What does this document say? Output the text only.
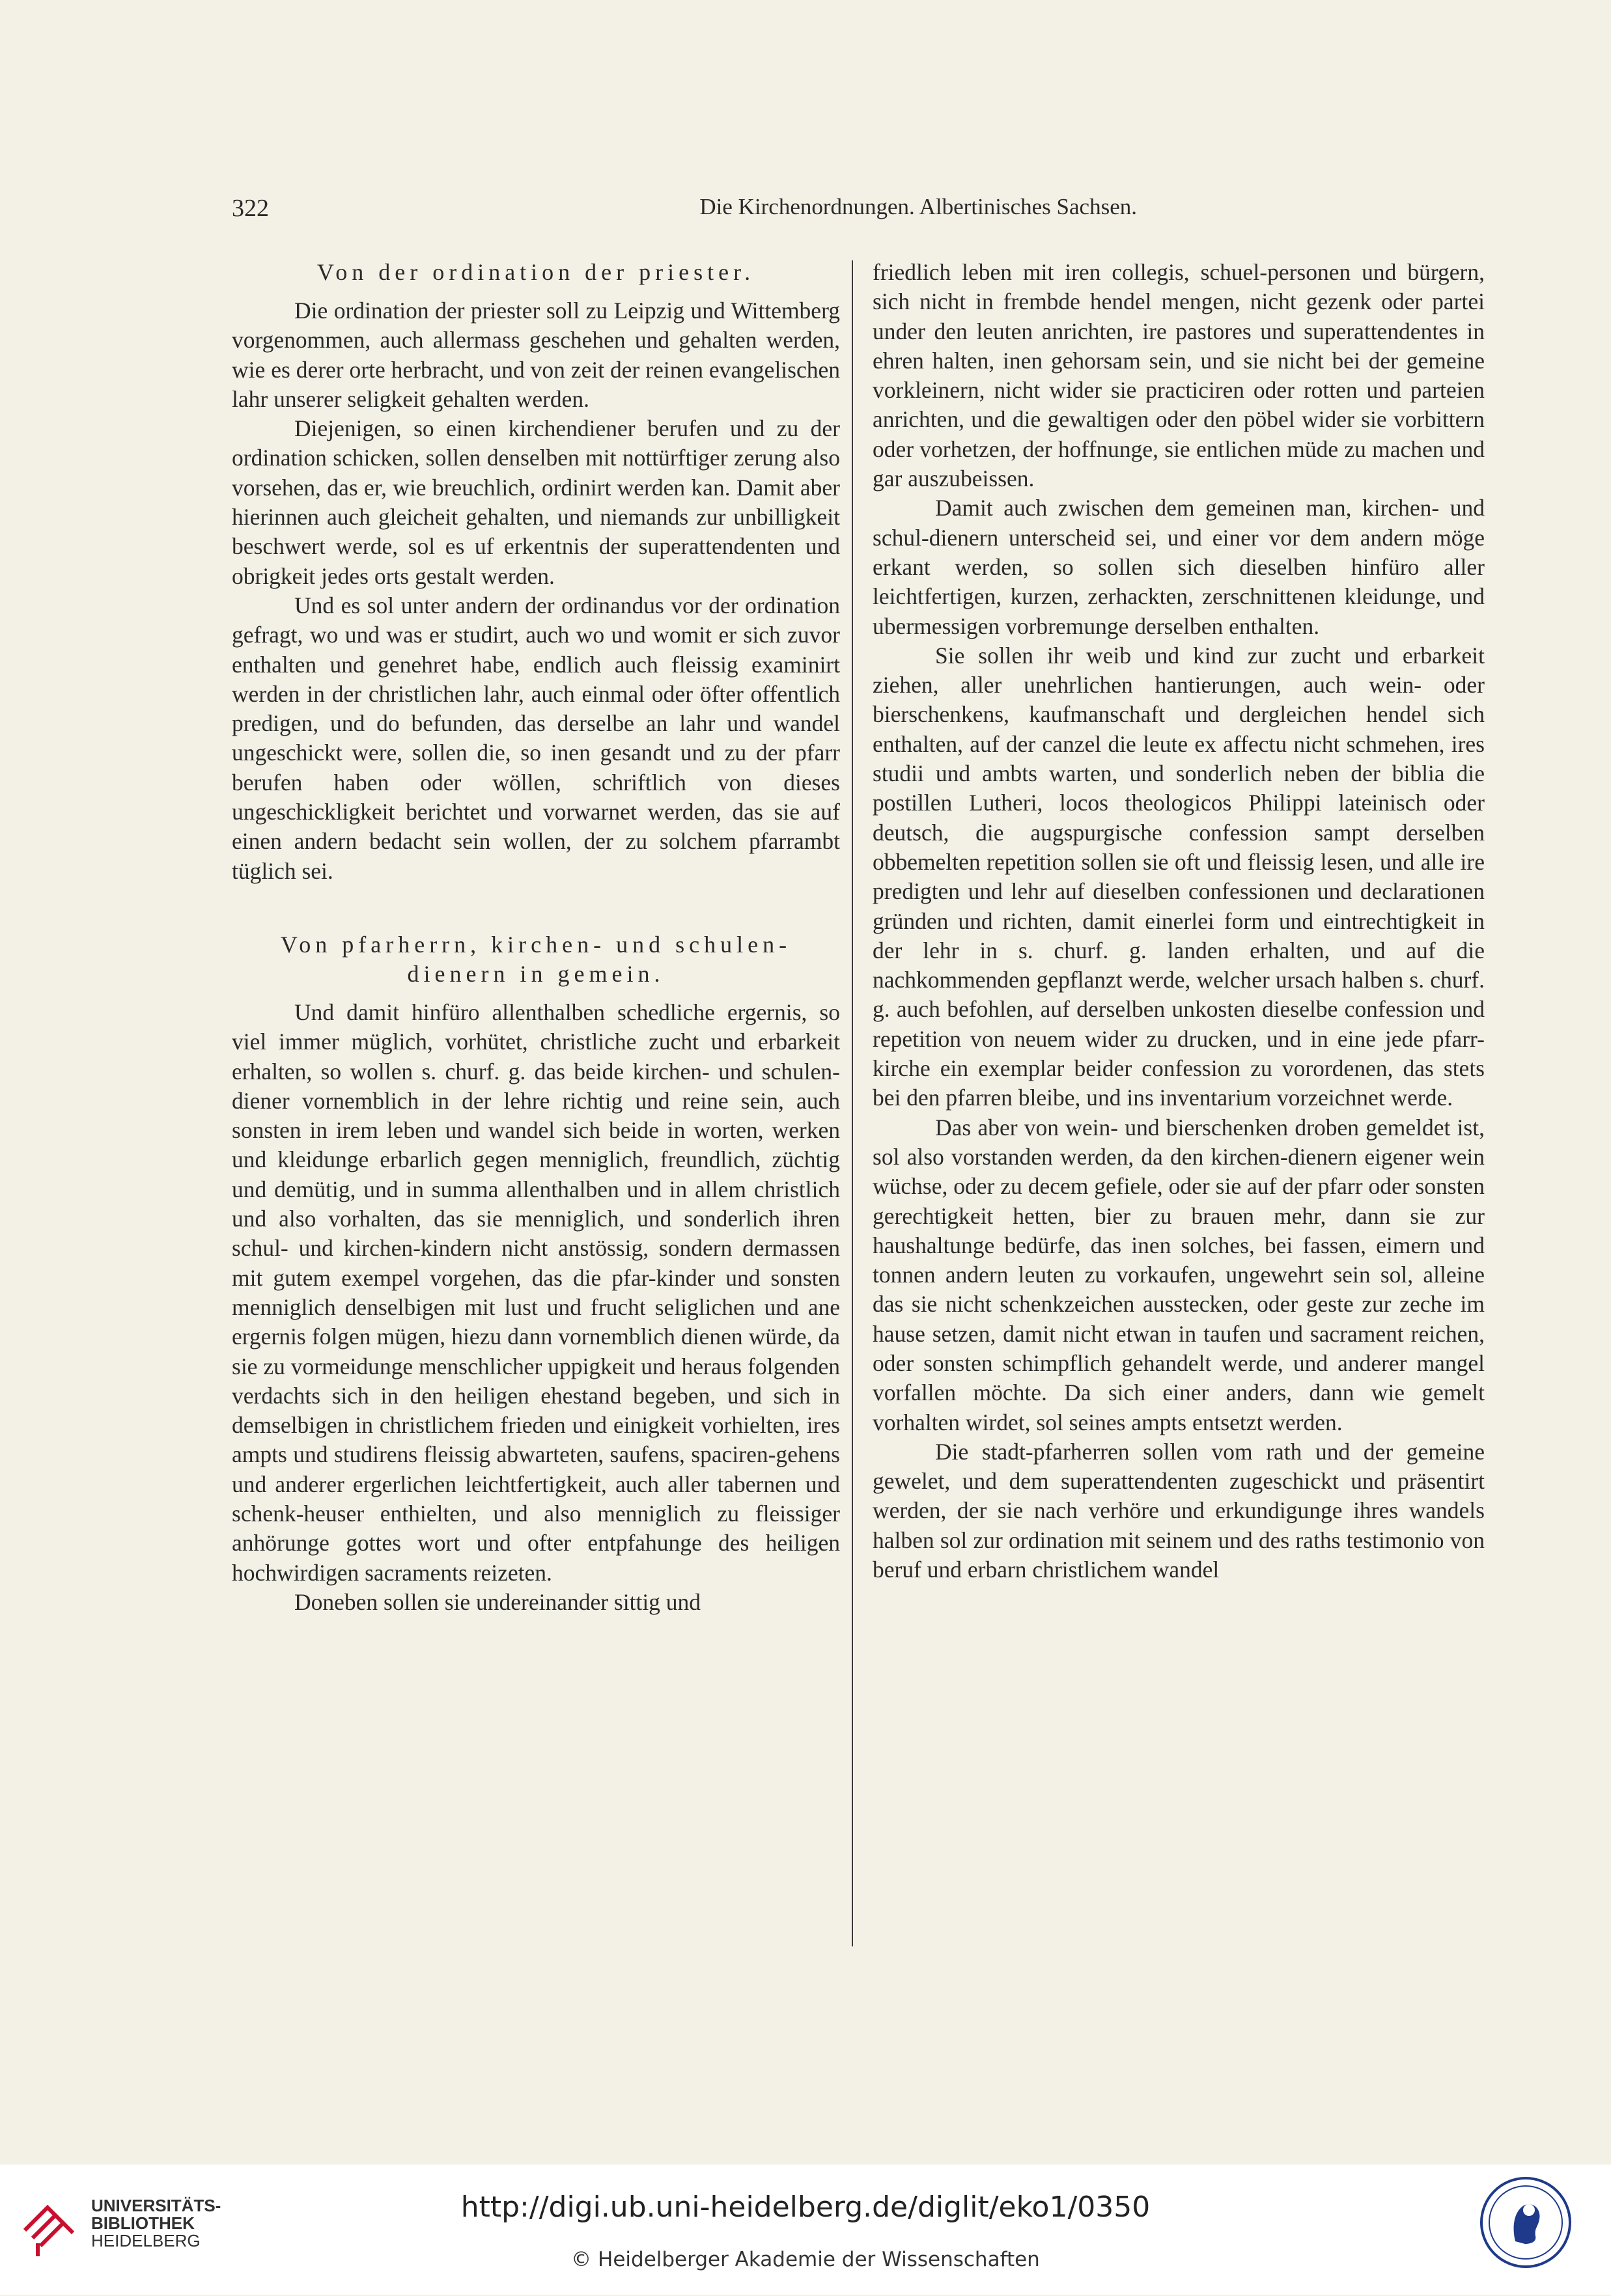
322	Die Kirchenordnungen. Albertinisches Sachsen.
Von der ordination der priester.

Die ordination der priester soll zu Leipzig und Wittemberg vorgenommen, auch allermass geschehen und gehalten werden, wie es derer orte herbracht, und von zeit der reinen evangelischen lahr unserer seligkeit gehalten werden.

Diejenigen, so einen kirchendiener berufen und zu der ordination schicken, sollen denselben mit nottürftiger zerung also vorsehen, das er, wie breuchlich, ordinirt werden kan. Damit aber hierinnen auch gleicheit gehalten, und niemands zur unbilligkeit beschwert werde, sol es uf erkentnis der superattendenten und obrigkeit jedes orts gestalt werden.

Und es sol unter andern der ordinandus vor der ordination gefragt, wo und was er studirt, auch wo und womit er sich zuvor enthalten und genehret habe, endlich auch fleissig examinirt werden in der christlichen lahr, auch einmal oder öfter offentlich predigen, und do befunden, das derselbe an lahr und wandel ungeschickt were, sollen die, so inen gesandt und zu der pfarr berufen haben oder wöllen, schriftlich von dieses ungeschickligkeit berichtet und vorwarnet werden, das sie auf einen andern bedacht sein wollen, der zu solchem pfarrambt tüglich sei.

Von pfarherrn, kirchen- und schulen-
dienern in gemein.

Und damit hinfüro allenthalben schedliche ergernis, so viel immer müglich, vorhütet, christliche zucht und erbarkeit erhalten, so wollen s. churf. g. das beide kirchen- und schulen-diener vornemblich in der lehre richtig und reine sein, auch sonsten in irem leben und wandel sich beide in worten, werken und kleidunge erbarlich gegen menniglich, freundlich, züchtig und demütig, und in summa allenthalben und in allem christlich und also vorhalten, das sie menniglich, und sonderlich ihren schul- und kirchen-kindern nicht anstössig, sondern dermassen mit gutem exempel vorgehen, das die pfar-kinder und sonsten menniglich denselbigen mit lust und frucht seliglichen und ane ergernis folgen mügen, hiezu dann vornemblich dienen würde, da sie zu vormeidunge menschlicher uppigkeit und heraus folgenden verdachts sich in den heiligen ehestand begeben, und sich in demselbigen in christlichem frieden und einigkeit vorhielten, ires ampts und studirens fleissig abwarteten, saufens, spaciren-gehens und anderer ergerlichen leichtfertigkeit, auch aller tabernen und schenk-heuser enthielten, und also menniglich zu fleissiger anhörunge gottes wort und ofter entpfahunge des heiligen hochwirdigen sacraments reizeten.

Doneben sollen sie undereinander sittig und

friedlich leben mit iren collegis, schuel-personen und bürgern, sich nicht in frembde hendel mengen, nicht gezenk oder partei under den leuten anrichten, ire pastores und superattendentes in ehren halten, inen gehorsam sein, und sie nicht bei der gemeine vorkleinern, nicht wider sie practiciren oder rotten und parteien anrichten, und die gewaltigen oder den pöbel wider sie vorbittern oder vorhetzen, der hoffnunge, sie entlichen müde zu machen und gar auszubeissen.

Damit auch zwischen dem gemeinen man, kirchen- und schul-dienern unterscheid sei, und einer vor dem andern möge erkant werden, so sollen sich dieselben hinfüro aller leichtfertigen, kurzen, zerhackten, zerschnittenen kleidunge, und ubermessigen vorbremunge derselben enthalten.

Sie sollen ihr weib und kind zur zucht und erbarkeit ziehen, aller unehrlichen hantierungen, auch wein- oder bierschenkens, kaufmanschaft und dergleichen hendel sich enthalten, auf der canzel die leute ex affectu nicht schmehen, ires studii und ambts warten, und sonderlich neben der biblia die postillen Lutheri, locos theologicos Philippi lateinisch oder deutsch, die augspurgische confession sampt derselben obbemelten repetition sollen sie oft und fleissig lesen, und alle ire predigten und lehr auf dieselben confessionen und declarationen gründen und richten, damit einerlei form und eintrechtigkeit in der lehr in s. churf. g. landen erhalten, und auf die nachkommenden gepflanzt werde, welcher ursach halben s. churf. g. auch befohlen, auf derselben unkosten dieselbe confession und repetition von neuem wider zu drucken, und in eine jede pfarr-kirche ein exemplar beider confession zu vorordenen, das stets bei den pfarren bleibe, und ins inventarium vorzeichnet werde.

Das aber von wein- und bierschenken droben gemeldet ist, sol also vorstanden werden, da den kirchen-dienern eigener wein wüchse, oder zu decem gefiele, oder sie auf der pfarr oder sonsten gerechtigkeit hetten, bier zu brauen mehr, dann sie zur haushaltunge bedürfe, das inen solches, bei fassen, eimern und tonnen andern leuten zu vorkaufen, ungewehrt sein sol, alleine das sie nicht schenkzeichen ausstecken, oder geste zur zeche im hause setzen, damit nicht etwan in taufen und sacrament reichen, oder sonsten schimpflich gehandelt werde, und anderer mangel vorfallen möchte. Da sich einer anders, dann wie gemelt vorhalten wirdet, sol seines ampts entsetzt werden.

Die stadt-pfarherren sollen vom rath und der gemeine gewelet, und dem superattendenten zugeschickt und präsentirt werden, der sie nach verhöre und erkundigunge ihres wandels halben sol zur ordination mit seinem und des raths testimonio von beruf und erbarn christlichem wandel

UNIVERSITÄTS-
BIBLIOTHEK
HEIDELBERG
http://digi.ub.uni-heidelberg.de/diglit/eko1/0350
© Heidelberger Akademie der Wissenschaften
